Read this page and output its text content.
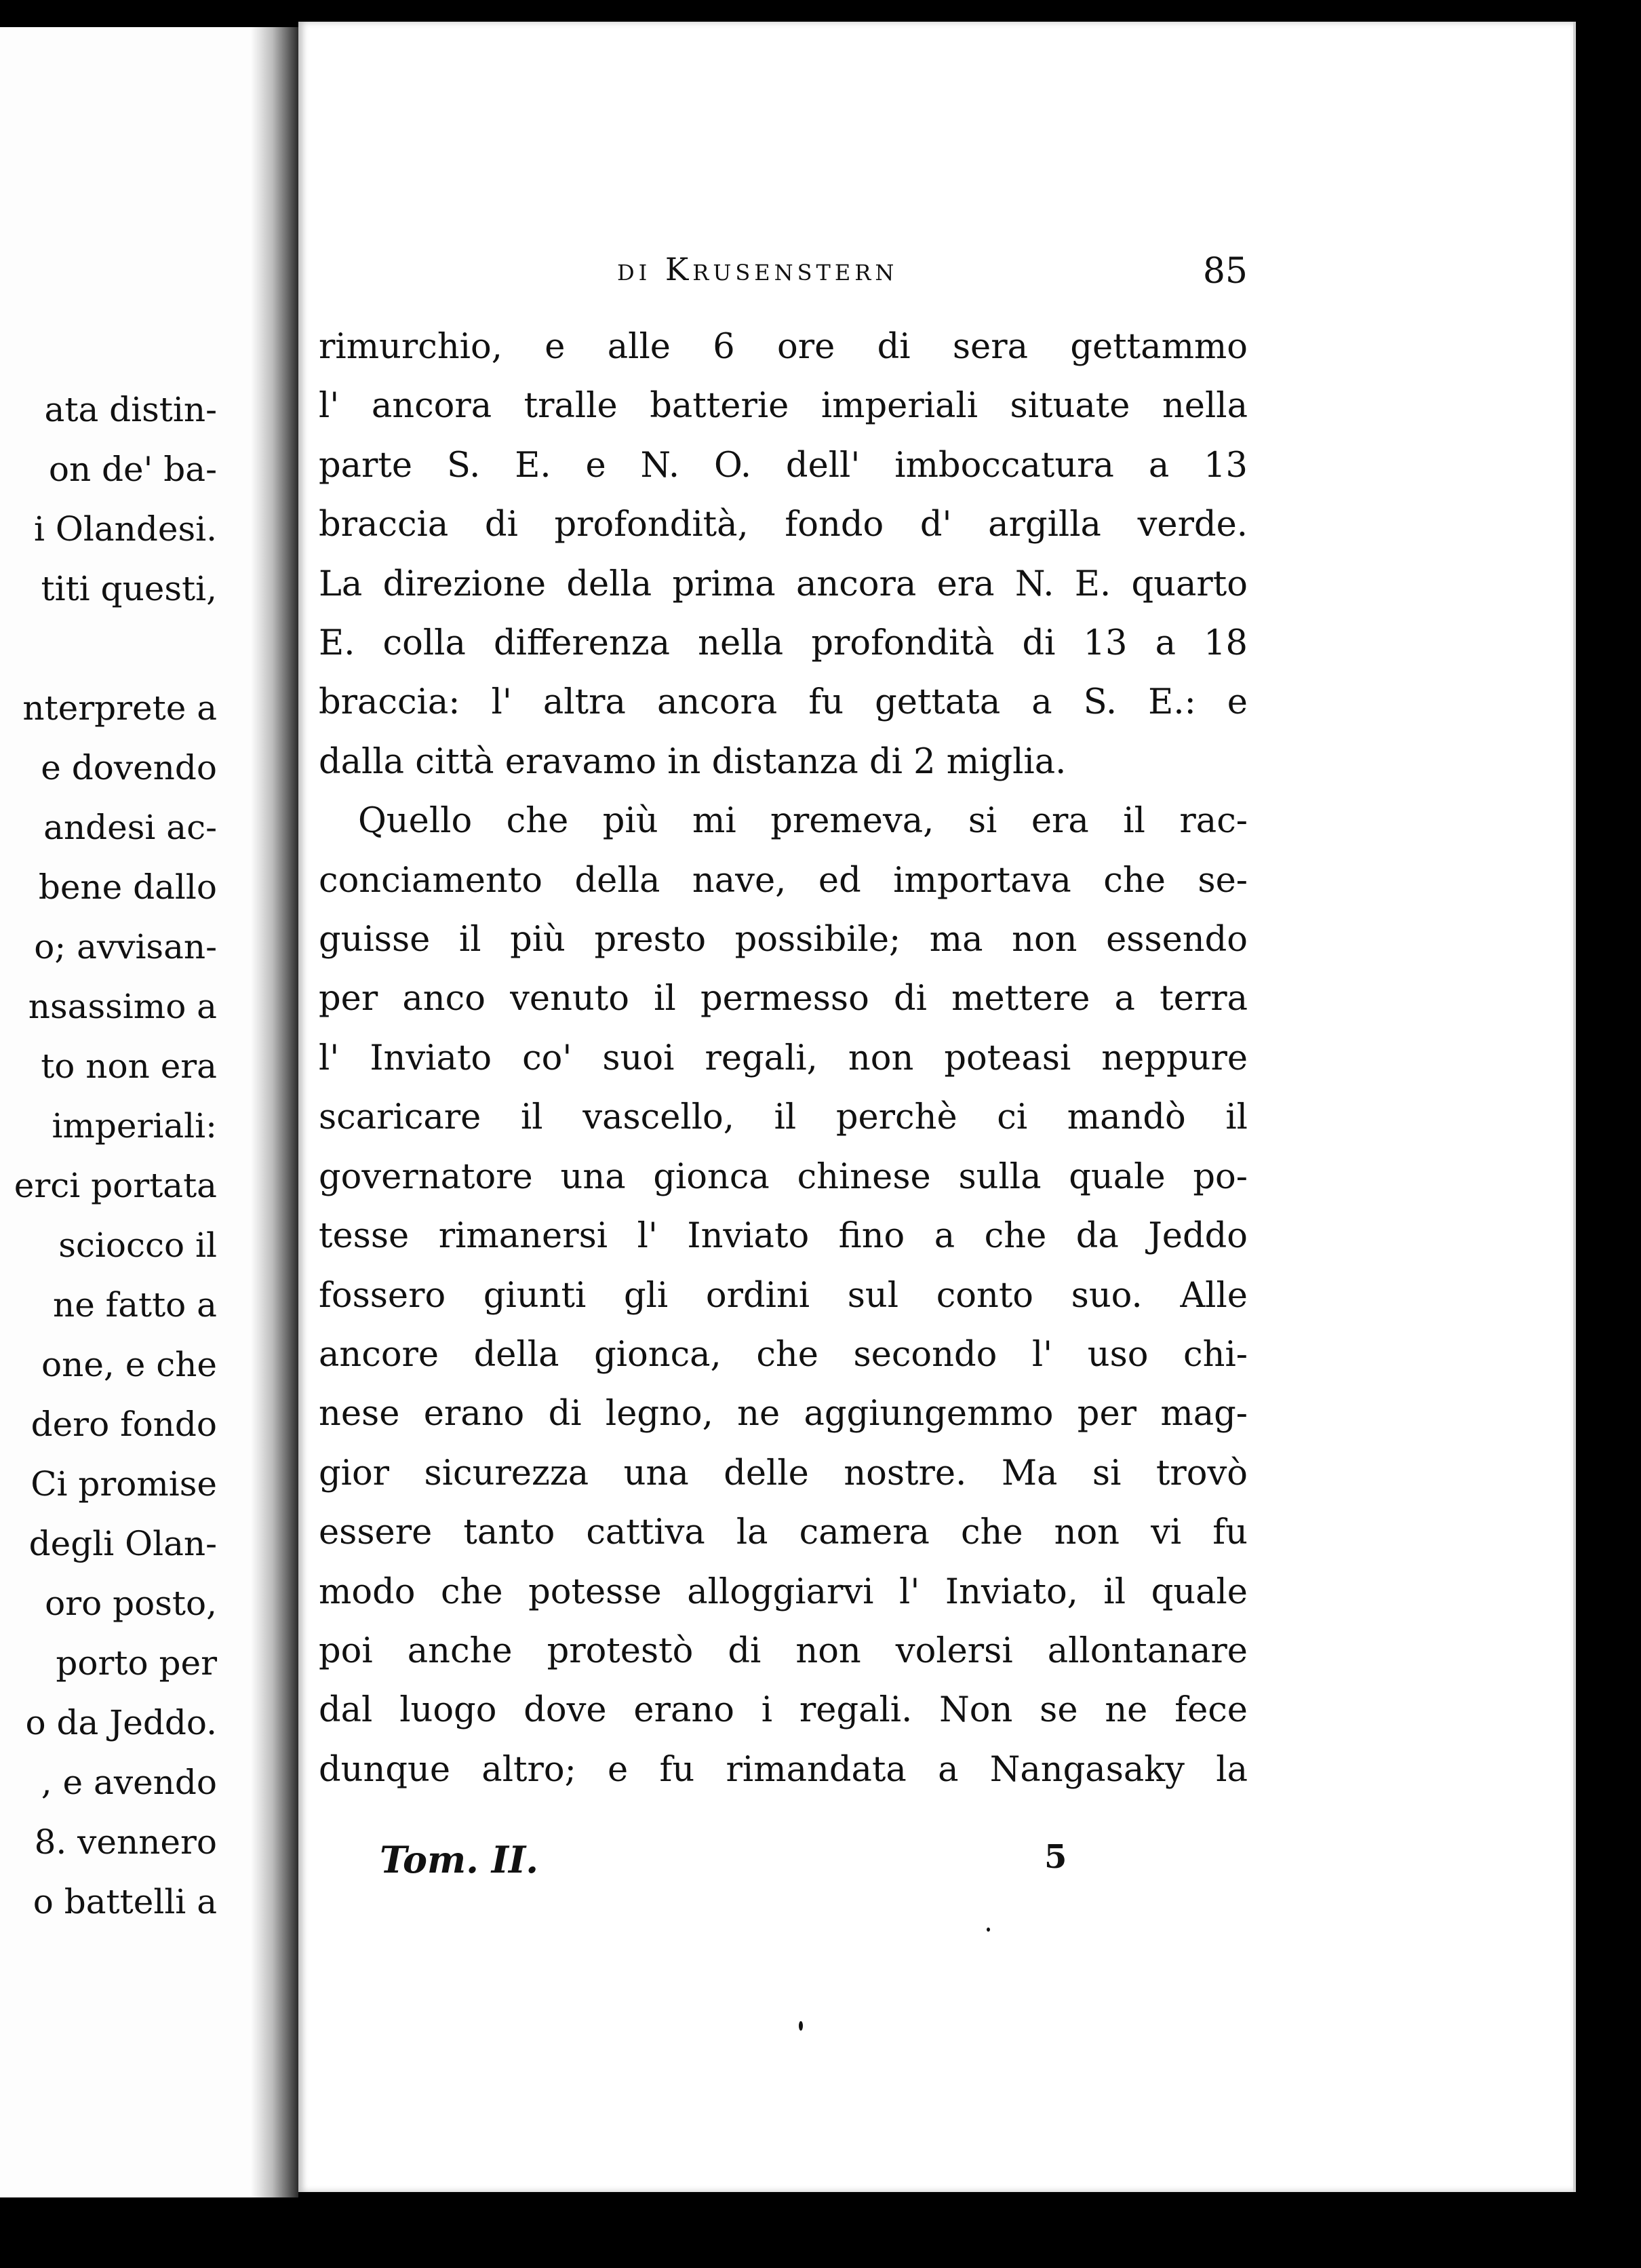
ata distin-
on de' ba-
i Olandesi.
titi questi,
nterprete a
e dovendo
andesi ac-
bene dallo
o; avvisan-
nsassimo a
to non era
imperiali:
erci portata
sciocco il
ne fatto a
one, e che
dero fondo
Ci promise
degli Olan-
oro posto,
porto per
o da Jeddo.
, e avendo
8. vennero
o battelli a
di Krusenstern	85
rimurchio, e alle 6 ore di sera gettammo
l' ancora tralle batterie imperiali situate nella
parte S. E. e N. O. dell' imboccatura a 13
braccia di profondità, fondo d' argilla verde.
La direzione della prima ancora era N. E. quarto
E. colla differenza nella profondità di 13 a 18
braccia: l' altra ancora fu gettata a S. E.: e
dalla città eravamo in distanza di 2 miglia.
Quello che più mi premeva, si era il rac-
conciamento della nave, ed importava che se-
guisse il più presto possibile; ma non essendo
per anco venuto il permesso di mettere a terra
l' Inviato co' suoi regali, non poteasi neppure
scaricare il vascello, il perchè ci mandò il
governatore una gionca chinese sulla quale po-
tesse rimanersi l' Inviato fino a che da Jeddo
fossero giunti gli ordini sul conto suo. Alle
ancore della gionca, che secondo l' uso chi-
nese erano di legno, ne aggiungemmo per mag-
gior sicurezza una delle nostre. Ma si trovò
essere tanto cattiva la camera che non vi fu
modo che potesse alloggiarvi l' Inviato, il quale
poi anche protestò di non volersi allontanare
dal luogo dove erano i regali. Non se ne fece
dunque altro; e fu rimandata a Nangasaky la
Tom. II.	5
